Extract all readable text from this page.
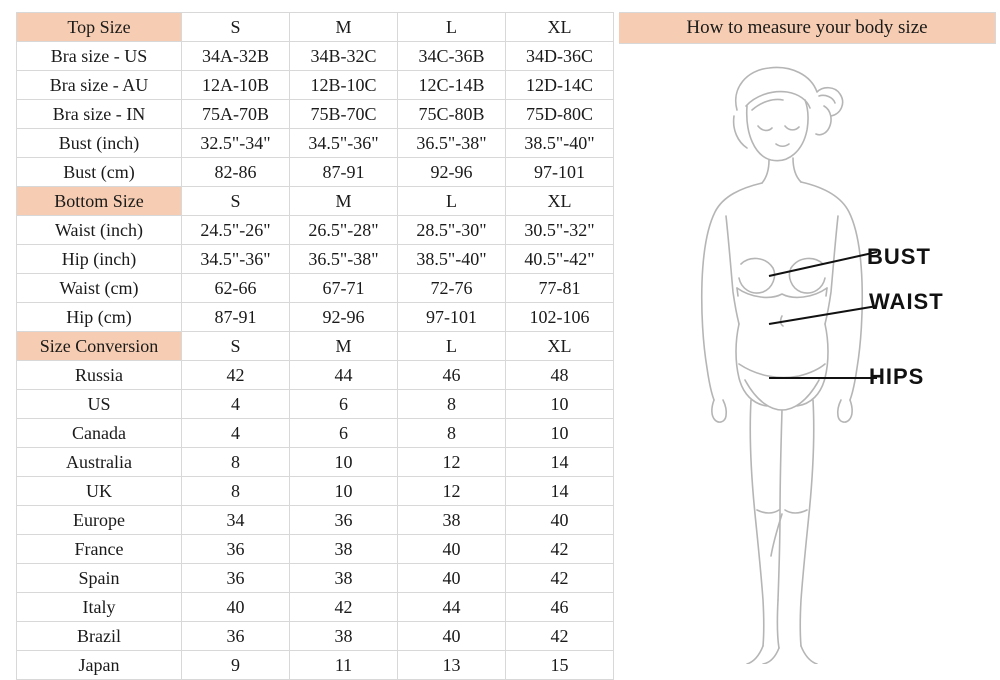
Top Size	S	M	L	XL
Bra size - US	34A-32B	34B-32C	34C-36B	34D-36C
Bra size - AU	12A-10B	12B-10C	12C-14B	12D-14C
Bra size - IN	75A-70B	75B-70C	75C-80B	75D-80C
Bust (inch)	32.5"-34"	34.5"-36"	36.5"-38"	38.5"-40"
Bust (cm)	82-86	87-91	92-96	97-101
Bottom Size	S	M	L	XL
Waist (inch)	24.5"-26"	26.5"-28"	28.5"-30"	30.5"-32"
Hip (inch)	34.5"-36"	36.5"-38"	38.5"-40"	40.5"-42"
Waist (cm)	62-66	67-71	72-76	77-81
Hip (cm)	87-91	92-96	97-101	102-106
Size Conversion	S	M	L	XL
Russia	42	44	46	48
US	4	6	8	10
Canada	4	6	8	10
Australia	8	10	12	14
UK	8	10	12	14
Europe	34	36	38	40
France	36	38	40	42
Spain	36	38	40	42
Italy	40	42	44	46
Brazil	36	38	40	42
Japan	9	11	13	15
How to measure your body size
BUST
WAIST
HIPS
